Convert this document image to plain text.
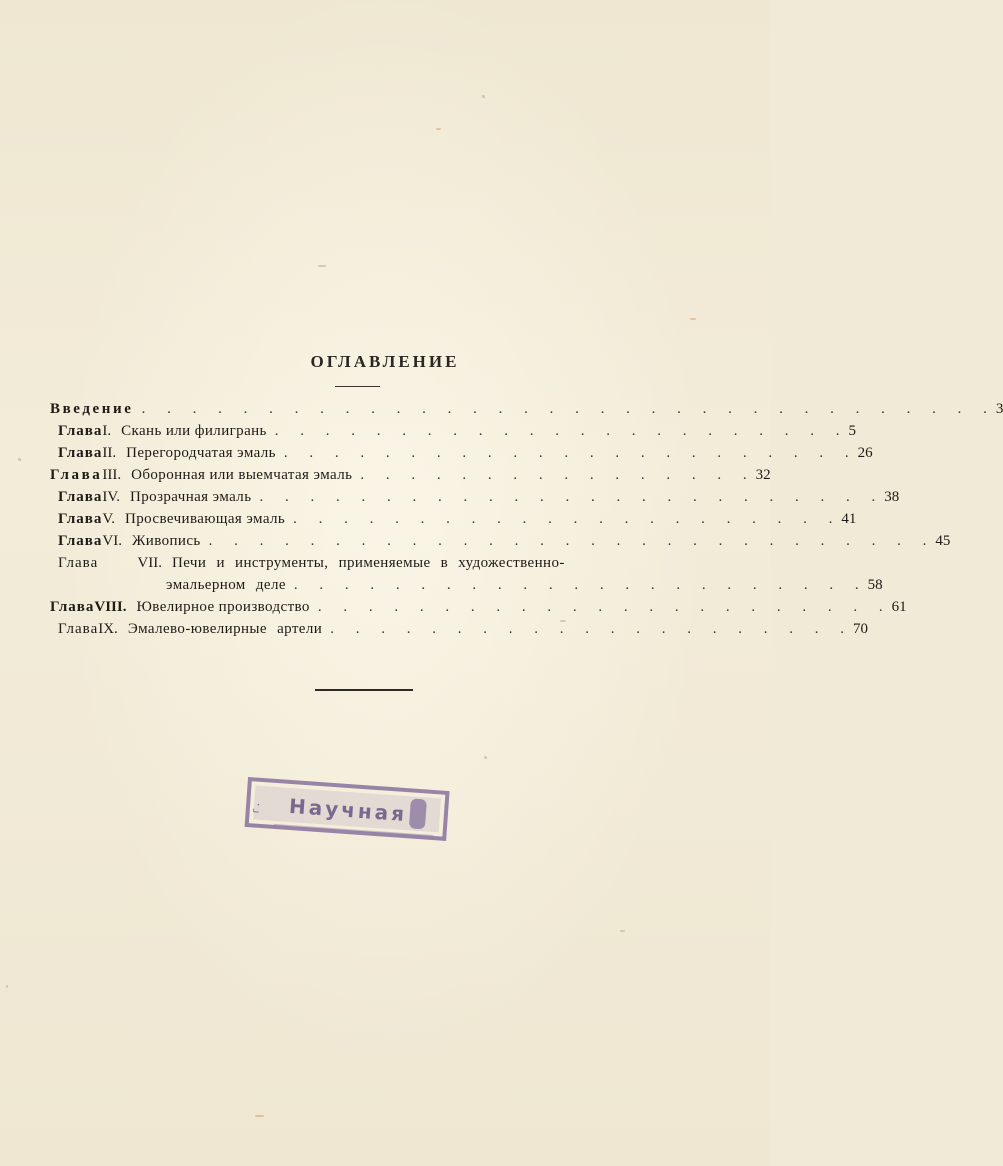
ОГЛАВЛЕНИЕ
Введение . . . . . . . . . . . . . . . . . . . . . . . . . . . . . . . . . . 3
Глава I. Скань или филигрань . . . . . . . . . . . . . . . . . . . . . . . 5
Глава II. Перегородчатая эмаль . . . . . . . . . . . . . . . . . . . . . . . 26
Глава III. Оборонная или выемчатая эмаль . . . . . . . . . . . . . . . . 32
Глава IV. Прозрачная эмаль . . . . . . . . . . . . . . . . . . . . . . . . . 38
Глава V. Просвечивающая эмаль . . . . . . . . . . . . . . . . . . . . . . 41
Глава VI. Живопись . . . . . . . . . . . . . . . . . . . . . . . . . . . . . 45
Глава	VII. Печи и инструменты, применяемые в художественно-
эмальерном деле . . . . . . . . . . . . . . . . . . . . . . . 58
Глава VIII. Ювелирное производство . . . . . . . . . . . . . . . . . . . . . . . 61
Глава IX. Эмалево-ювелирные артели . . . . . . . . . . . . . . . . . . . . . 70
г. Научная
